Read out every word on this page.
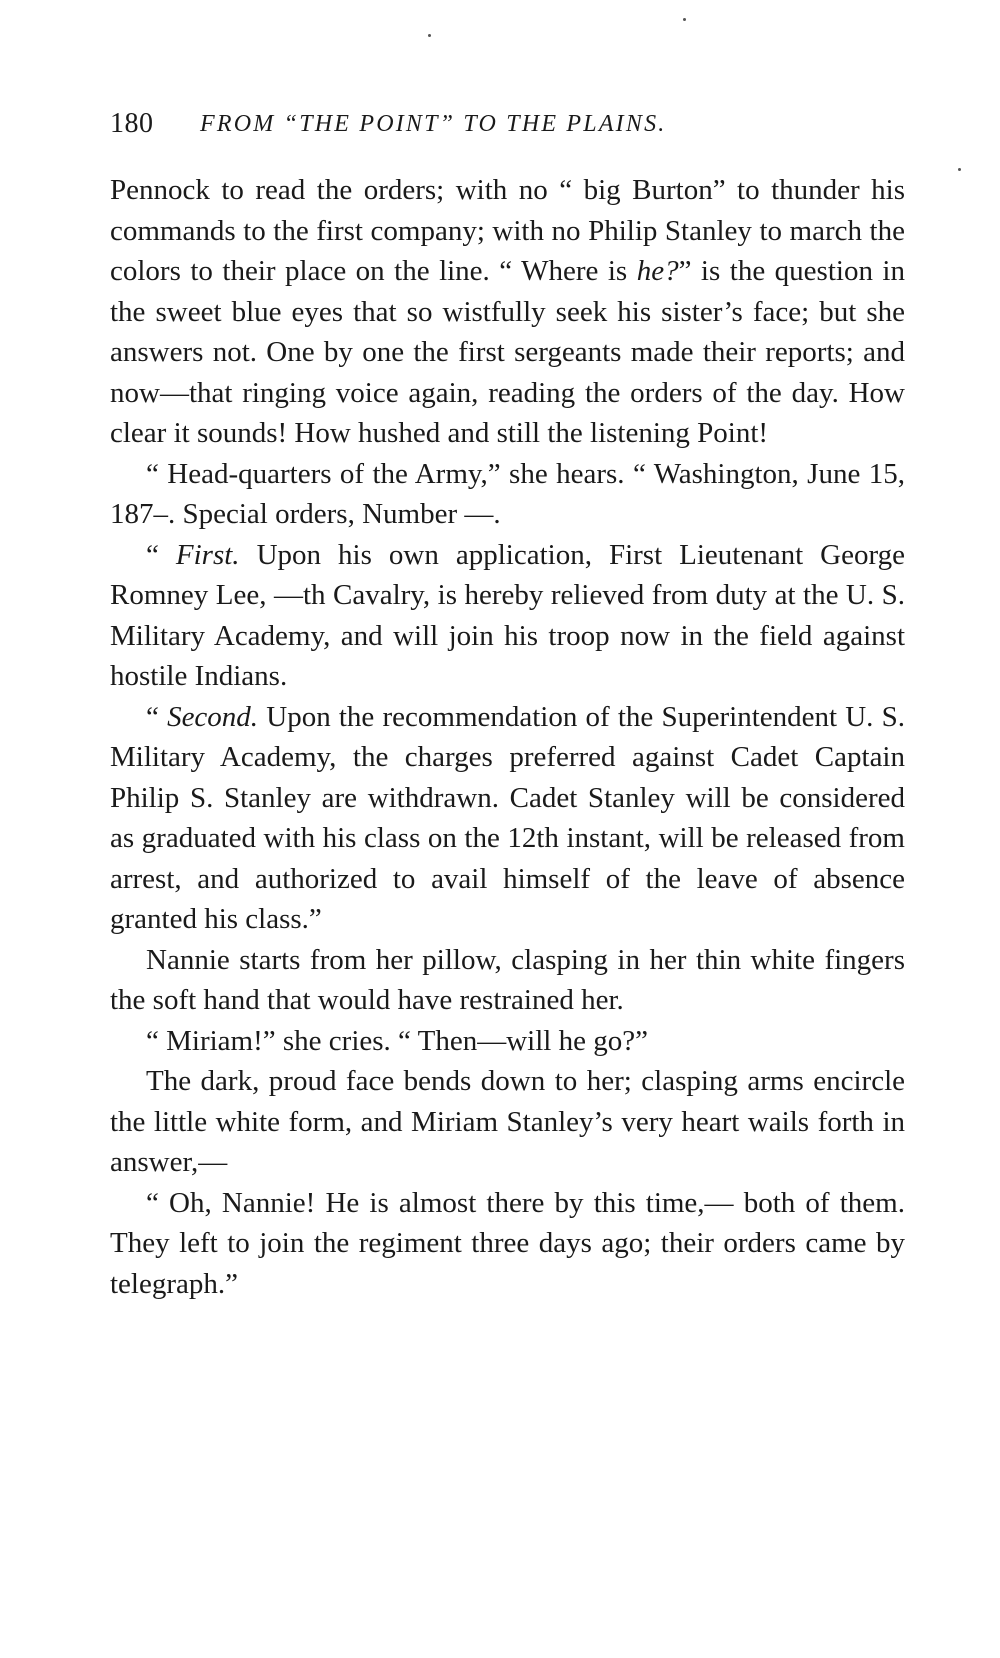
180 FROM “THE POINT” TO THE PLAINS.

Pennock to read the orders; with no “ big Burton” to thunder his commands to the first company; with no Philip Stanley to march the colors to their place on the line. “ Where is he?” is the question in the sweet blue eyes that so wistfully seek his sister’s face; but she answers not. One by one the first sergeants made their reports; and now—that ringing voice again, reading the orders of the day. How clear it sounds! How hushed and still the listening Point!

“ Head-quarters of the Army,” she hears. “ Washington, June 15, 187–. Special orders, Number —.

“ First. Upon his own application, First Lieutenant George Romney Lee, —th Cavalry, is hereby relieved from duty at the U. S. Military Academy, and will join his troop now in the field against hostile Indians.

“ Second. Upon the recommendation of the Superintendent U. S. Military Academy, the charges preferred against Cadet Captain Philip S. Stanley are withdrawn. Cadet Stanley will be considered as graduated with his class on the 12th instant, will be released from arrest, and authorized to avail himself of the leave of absence granted his class.”

Nannie starts from her pillow, clasping in her thin white fingers the soft hand that would have restrained her.

“ Miriam!” she cries. “ Then—will he go?”

The dark, proud face bends down to her; clasping arms encircle the little white form, and Miriam Stanley’s very heart wails forth in answer,—

“ Oh, Nannie! He is almost there by this time,— both of them. They left to join the regiment three days ago; their orders came by telegraph.”
